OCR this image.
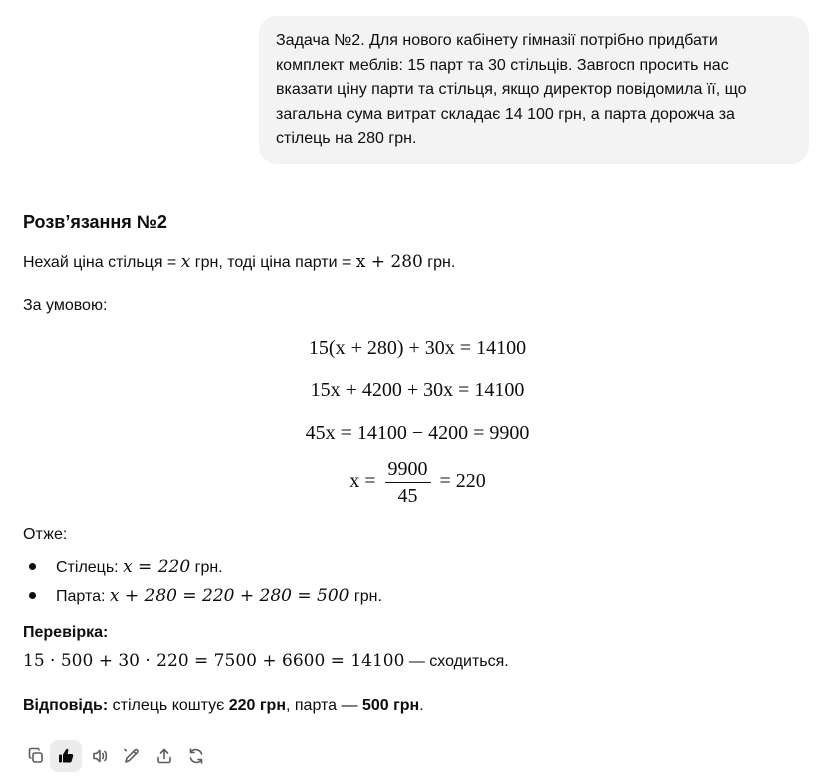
Задача №2. Для нового кабінету гімназії потрібно придбати
комплект меблів: 15 парт та 30 стільців. Завгосп просить нас
вказати ціну парти та стільця, якщо директор повідомила її, що
загальна сума витрат складає 14 100 грн, а парта дорожча за
стілець на 280 грн.
Розв’язання №2
Нехай ціна стільця = x грн, тоді ціна парти = x + 280 грн.
За умовою:
15(x + 280) + 30x = 14100
15x + 4200 + 30x = 14100
45x = 14100 − 4200 = 9900
$x = \frac{9900}{45} = 220$
Отже:
Стілець: x = 220 грн.
Парта: x + 280 = 220 + 280 = 500 грн.
Перевірка:
15 · 500 + 30 · 220 = 7500 + 6600 = 14100 — сходиться.
Відповідь: стілець коштує 220 грн, парта — 500 грн.
